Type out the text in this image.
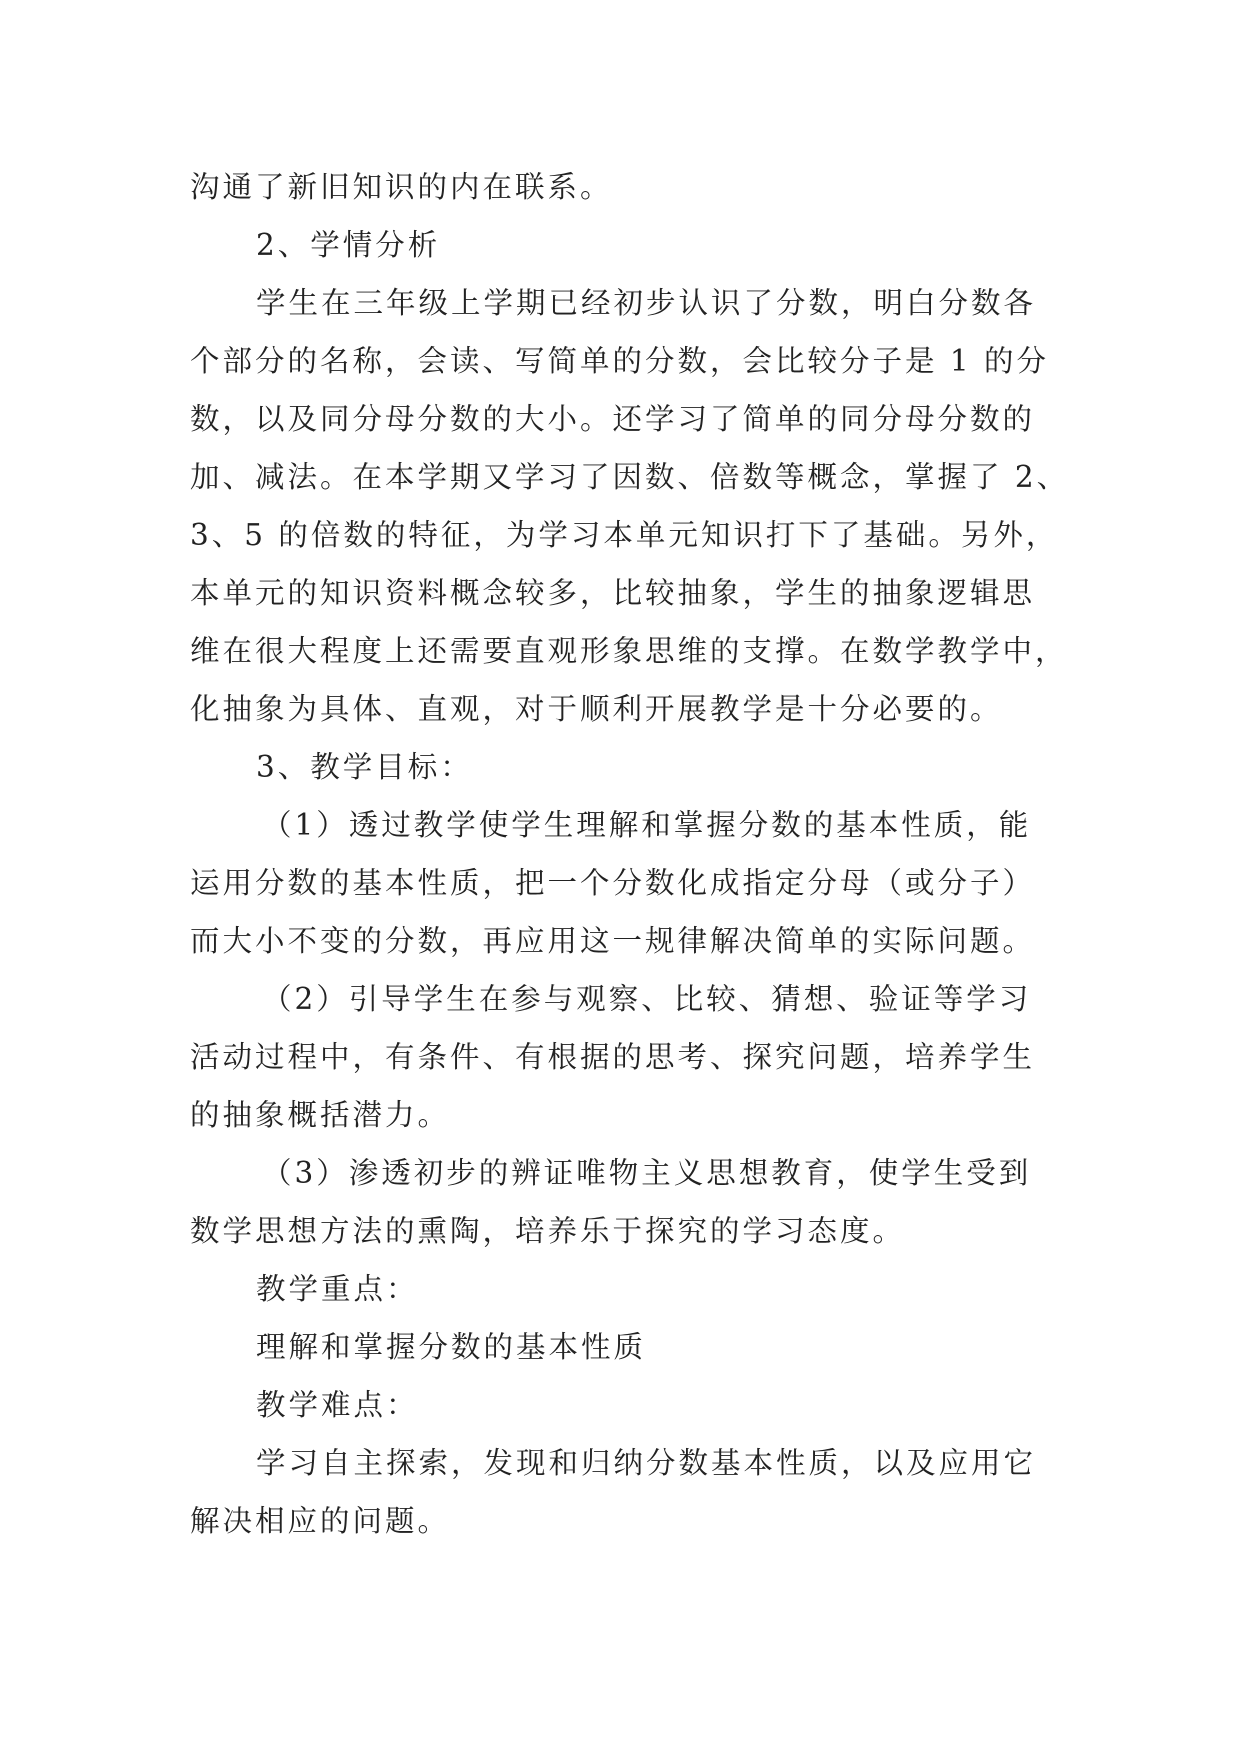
沟通了新旧知识的内在联系。
2、学情分析
学生在三年级上学期已经初步认识了分数，明白分数各
个部分的名称，会读、写简单的分数，会比较分子是 1 的分
数，以及同分母分数的大小。还学习了简单的同分母分数的
加、减法。在本学期又学习了因数、倍数等概念，掌握了 2、
3、5 的倍数的特征，为学习本单元知识打下了基础。另外，
本单元的知识资料概念较多，比较抽象，学生的抽象逻辑思
维在很大程度上还需要直观形象思维的支撑。在数学教学中，
化抽象为具体、直观，对于顺利开展教学是十分必要的。
3、教学目标：
（1）透过教学使学生理解和掌握分数的基本性质，能
运用分数的基本性质，把一个分数化成指定分母（或分子）
而大小不变的分数，再应用这一规律解决简单的实际问题。
（2）引导学生在参与观察、比较、猜想、验证等学习
活动过程中，有条件、有根据的思考、探究问题，培养学生
的抽象概括潜力。
（3）渗透初步的辨证唯物主义思想教育，使学生受到
数学思想方法的熏陶，培养乐于探究的学习态度。
教学重点：
理解和掌握分数的基本性质
教学难点：
学习自主探索，发现和归纳分数基本性质，以及应用它
解决相应的问题。
